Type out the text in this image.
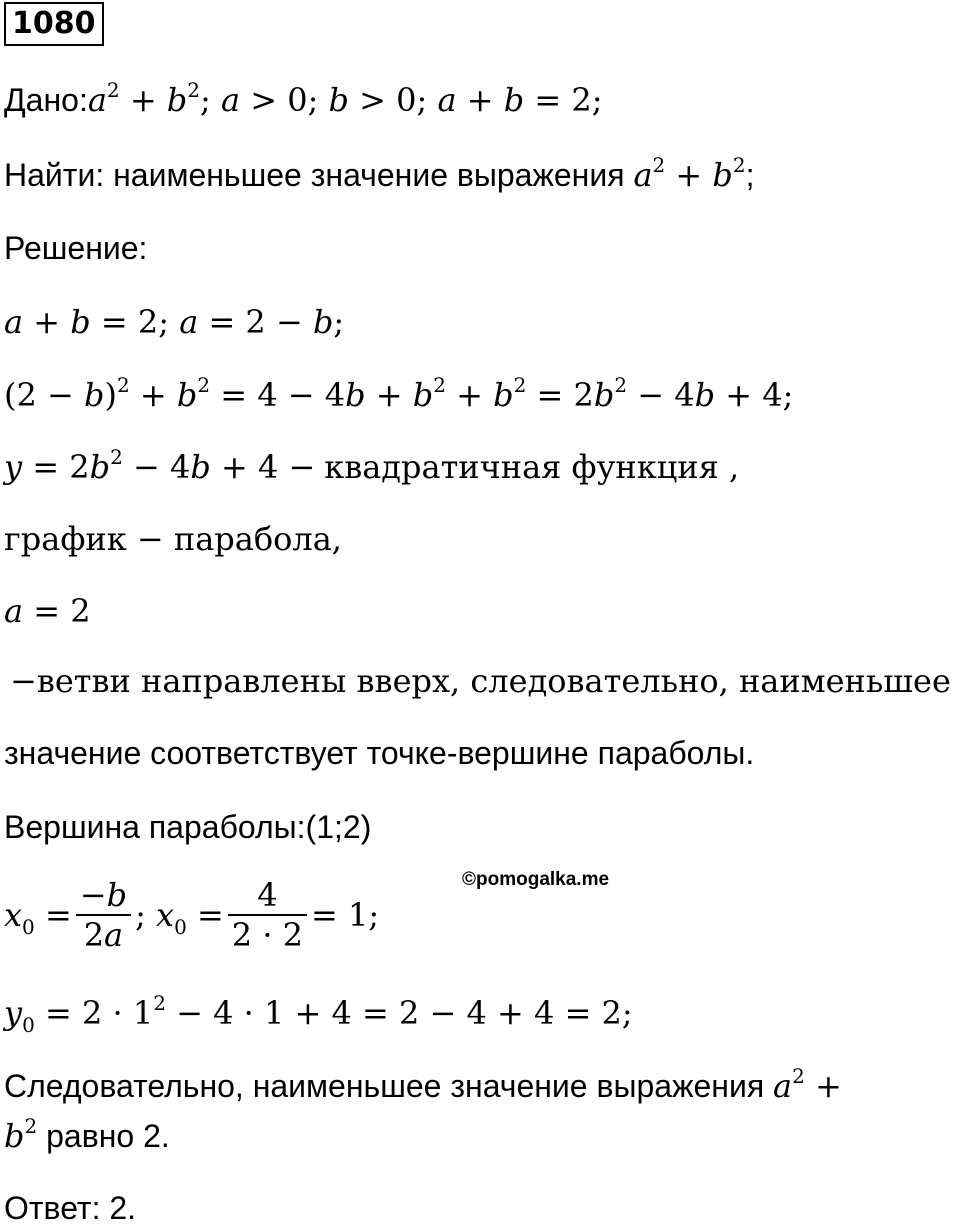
1080
$Дано:a^2 + b^2$; a > 0; b > 0; a + b = 2;
Найти: наименьшее значение выражения $a^2 + b^2$;
Решение:
a + b = 2; a = 2 − b;
$(2 - b)^2 + b^2 = 4 - 4b + b^2 + b^2 = 2b^2 - 4b + 4$;
$y = 2b^2 - 4b + 4$ − квадратичная функция ,
график − парабола,
a = 2
−ветви направлены вверх, следовательно, наименьшее
значение соответствует точке-вершине параболы.
Вершина параболы:(1;2)
©pomogalka.me
$x_0 = \frac{-b}{2a}$ ; $x_0 = \frac{4}{2 \cdot 2} = 1$;
$y_0 = 2 \cdot 1^2 - 4 \cdot 1 + 4 = 2 - 4 + 4 = 2$;
Следовательно, наименьшее значение выражения $a^2$ +
$b^2$ равно 2.
Ответ: 2.
